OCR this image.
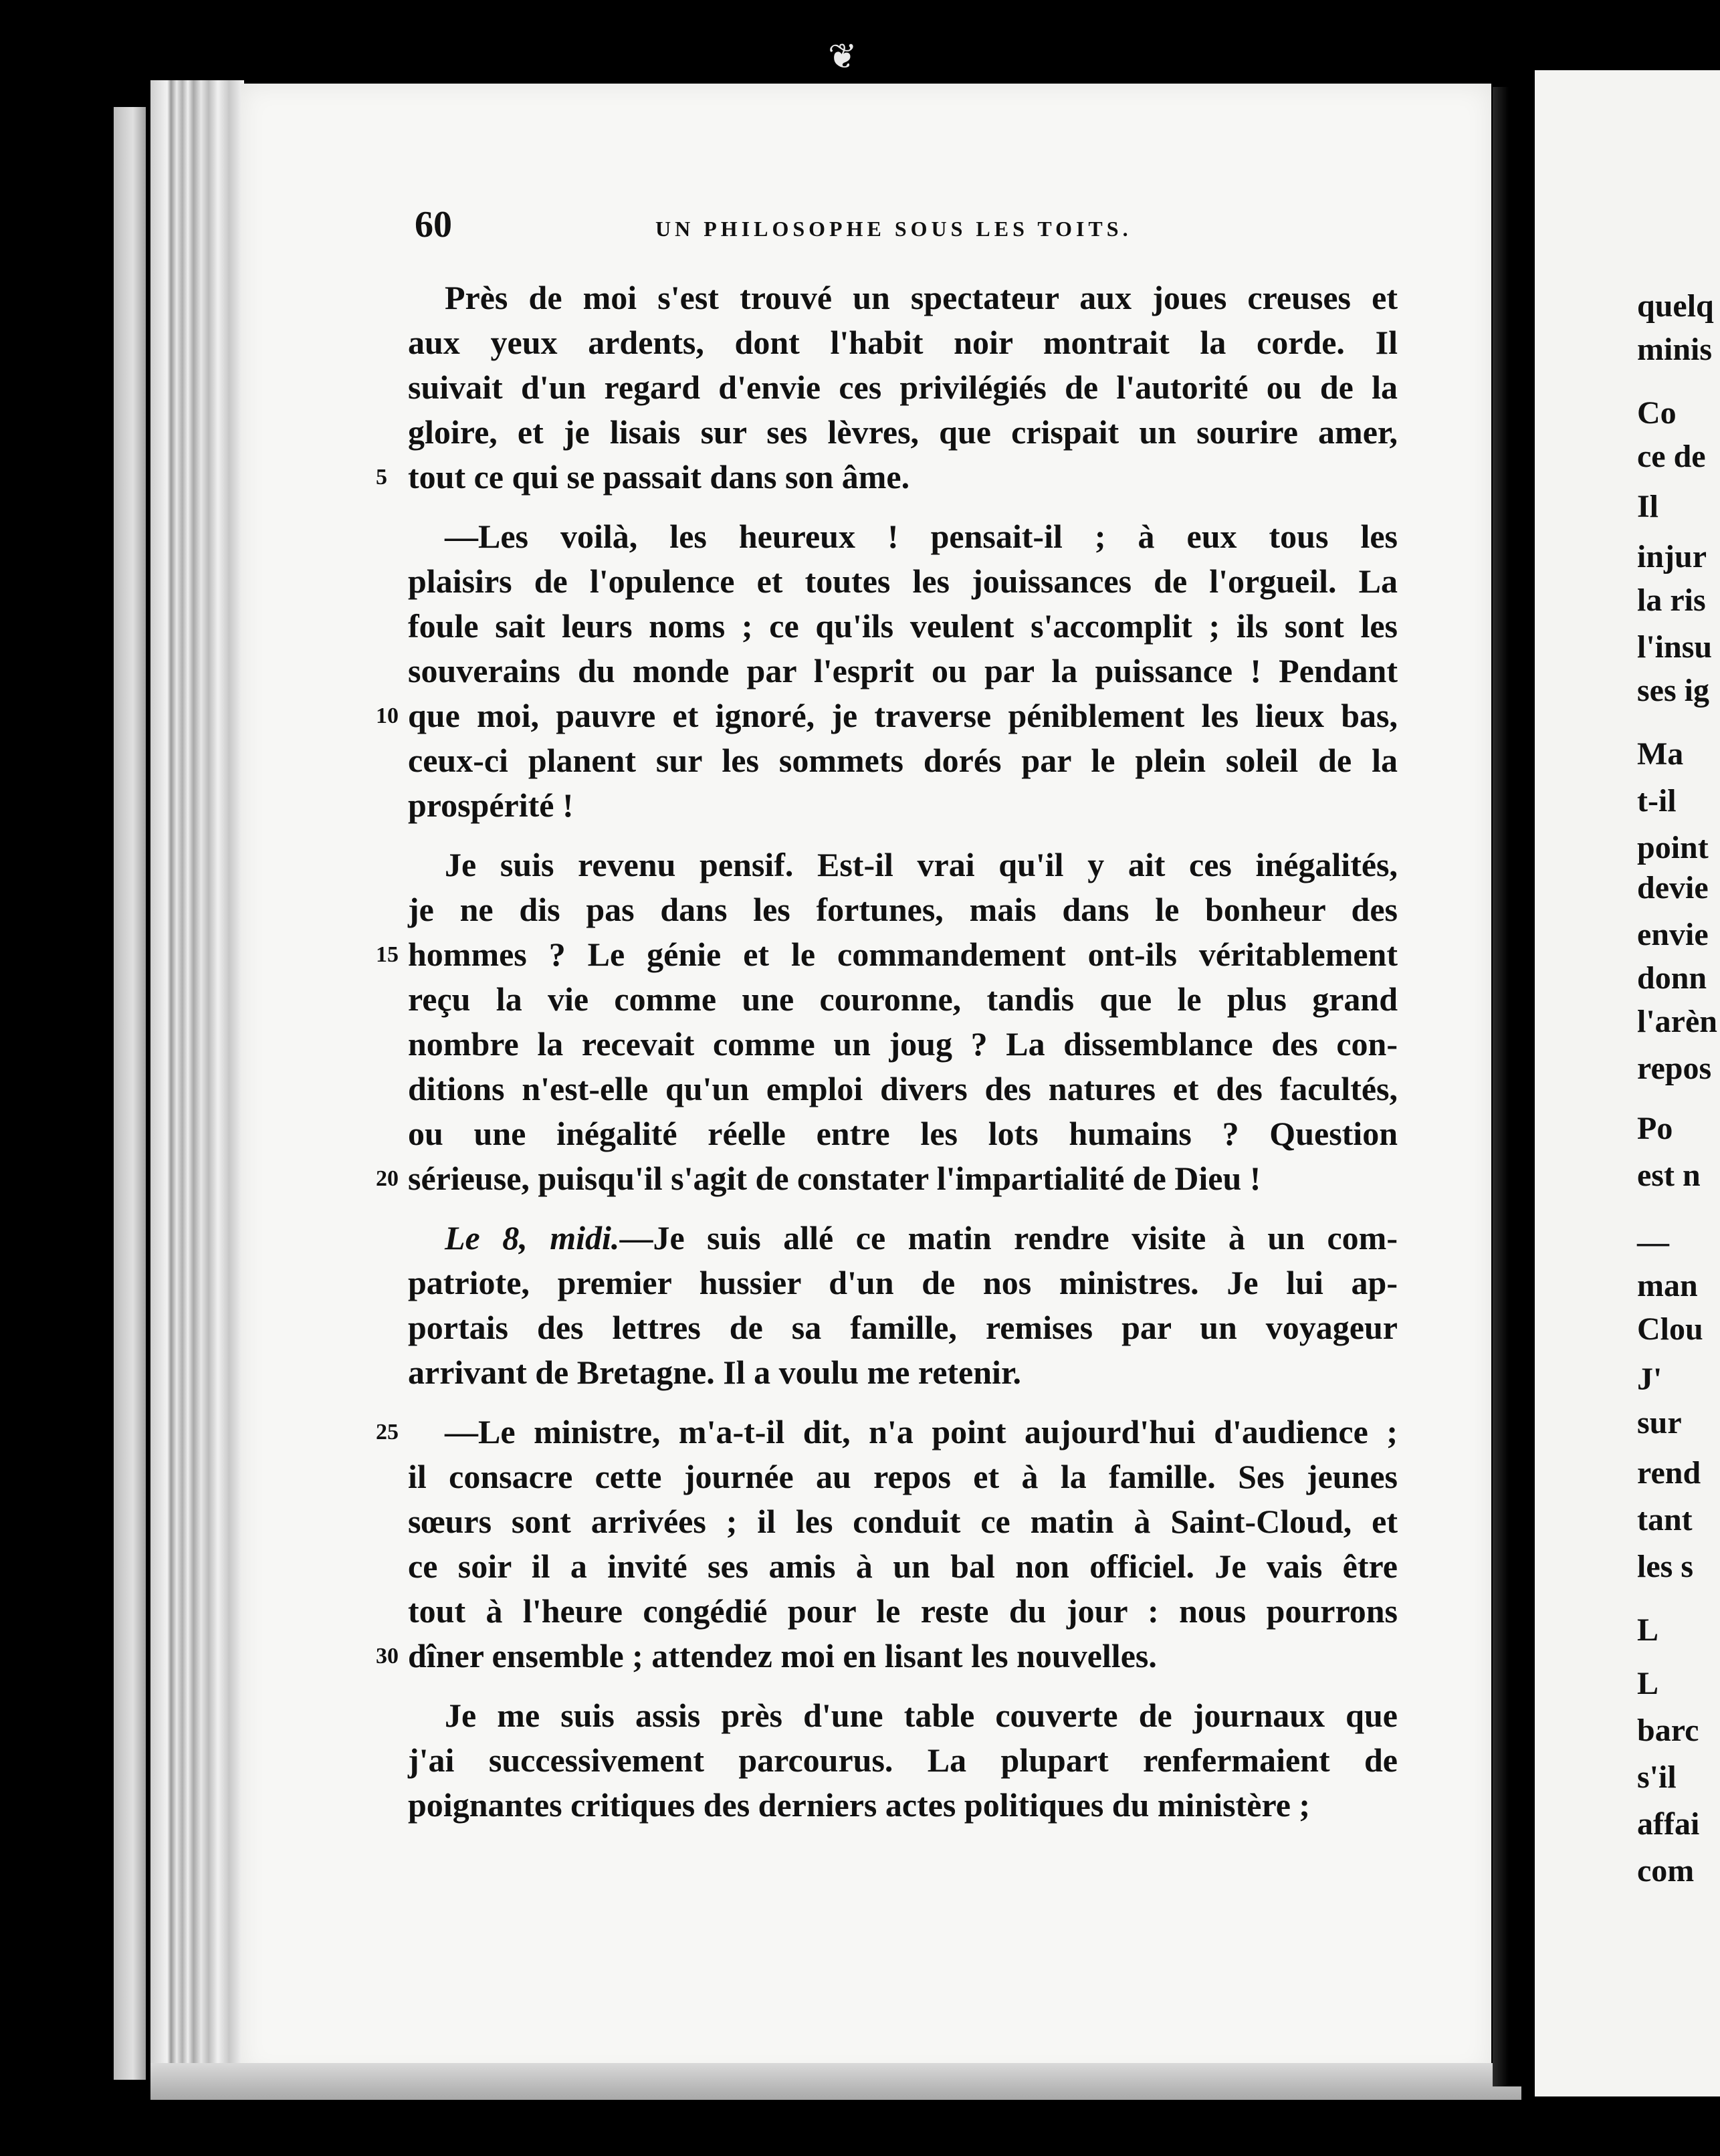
❦
60	UN PHILOSOPHE SOUS LES TOITS.
Près de moi s'est trouvé un spectateur aux joues creuses et
aux yeux ardents, dont l'habit noir montrait la corde. Il
suivait d'un regard d'envie ces privilégiés de l'autorité ou de la
gloire, et je lisais sur ses lèvres, que crispait un sourire amer,
tout ce qui se passait dans son âme.
5
—Les voilà, les heureux ! pensait-il ; à eux tous les
plaisirs de l'opulence et toutes les jouissances de l'orgueil. La
foule sait leurs noms ; ce qu'ils veulent s'accomplit ; ils sont les
souverains du monde par l'esprit ou par la puissance ! Pendant
que moi, pauvre et ignoré, je traverse péniblement les lieux bas,
10
ceux-ci planent sur les sommets dorés par le plein soleil de la
prospérité !
Je suis revenu pensif. Est-il vrai qu'il y ait ces inégalités,
je ne dis pas dans les fortunes, mais dans le bonheur des
hommes ? Le génie et le commandement ont-ils véritablement
15
reçu la vie comme une couronne, tandis que le plus grand
nombre la recevait comme un joug ? La dissemblance des con-
ditions n'est-elle qu'un emploi divers des natures et des facultés,
ou une inégalité réelle entre les lots humains ? Question
sérieuse, puisqu'il s'agit de constater l'impartialité de Dieu !
20
Le 8, midi.—Je suis allé ce matin rendre visite à un com-
patriote, premier hussier d'un de nos ministres. Je lui ap-
portais des lettres de sa famille, remises par un voyageur
arrivant de Bretagne. Il a voulu me retenir.
—Le ministre, m'a-t-il dit, n'a point aujourd'hui d'audience ;
25
il consacre cette journée au repos et à la famille. Ses jeunes
sœurs sont arrivées ; il les conduit ce matin à Saint-Cloud, et
ce soir il a invité ses amis à un bal non officiel. Je vais être
tout à l'heure congédié pour le reste du jour : nous pourrons
dîner ensemble ; attendez moi en lisant les nouvelles.
30
Je me suis assis près d'une table couverte de journaux que
j'ai successivement parcourus. La plupart renfermaient de
poignantes critiques des derniers actes politiques du ministère ;
quelq
minis
Co
ce de
Il
injur
la ris
l'insu
ses ig
Ma
t-il
point
devie
envie
donn
l'arèn
repos
Po
est n
—
man
Clou
J'
sur
rend
tant
les s
L
L
barc
s'il
affai
com
